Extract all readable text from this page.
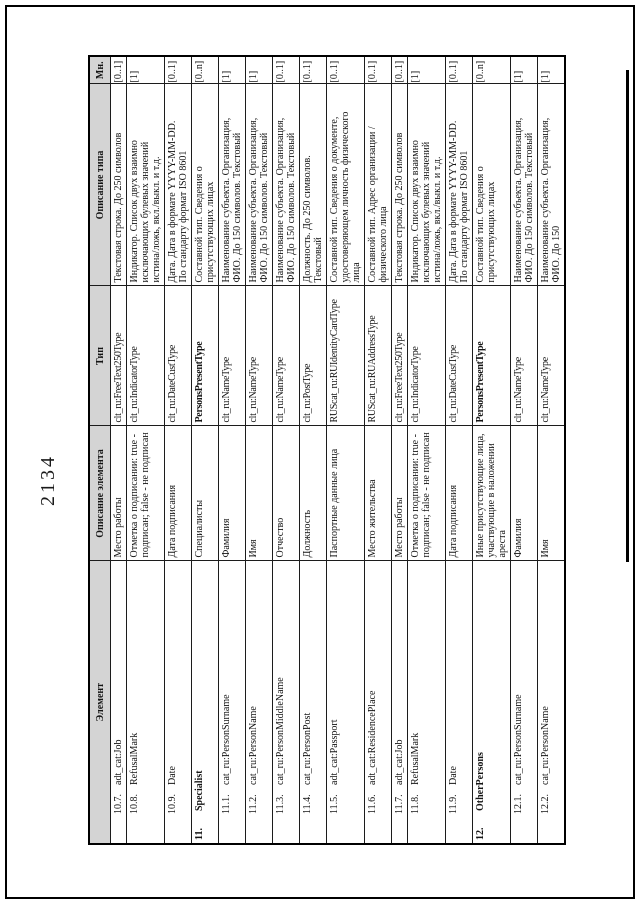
2134
Элемент	Описание элемента	Тип	Описание типа	Мн.
10.7.adt_cat:Job	Место работы	clt_ru:FreeText250Type	Текстовая строка. До 250 символов	[0..1]
10.8.RefusalMark	Отметка о подписании: true - подписан; false - не подписан	clt_ru:IndicatorType	Индикатор. Список двух взаимно исключающих булевых значений истина/ложь, вкл./выкл. и т.д.	[1]
10.9.Date	Дата подписания	clt_ru:DateCustType	Дата. Дата в формате YYYY-MM-DD. По стандарту формат ISO 8601	[0..1]
11.Specialist	Специалисты	PersonsPresentType	Составной тип. Сведения о присутствующих лицах	[0..n]
11.1.cat_ru:PersonSurname	Фамилия	clt_ru:NameType	Наименование субъекта. Организация, ФИО. До 150 символов. Текстовый	[1]
11.2.cat_ru:PersonName	Имя	clt_ru:NameType	Наименование субъекта. Организация, ФИО. До 150 символов. Текстовый	[1]
11.3.cat_ru:PersonMiddleName	Отчество	clt_ru:NameType	Наименование субъекта. Организация, ФИО. До 150 символов. Текстовый	[0..1]
11.4.cat_ru:PersonPost	Должность	clt_ru:PostType	Должность. До 250 символов. Текстовый	[0..1]
11.5.adt_cat:Passport	Паспортные данные лица	RUScat_ru:RUIdentityCardType	Составной тип. Сведения о документе, удостоверяющем личность физического лица	[0..1]
11.6.adt_cat:ResidencePlace	Место жительства	RUScat_ru:RUAddressType	Составной тип. Адрес организации / физического лица	[0..1]
11.7.adt_cat:Job	Место работы	clt_ru:FreeText250Type	Текстовая строка. До 250 символов	[0..1]
11.8.RefusalMark	Отметка о подписании: true - подписан; false - не подписан	clt_ru:IndicatorType	Индикатор. Список двух взаимно исключающих булевых значений истина/ложь, вкл./выкл. и т.д.	[1]
11.9.Date	Дата подписания	clt_ru:DateCustType	Дата. Дата в формате YYYY-MM-DD. По стандарту формат ISO 8601	[0..1]
12.OtherPersons	Иные присутствующие лица, участвующие в наложении ареста	PersonsPresentType	Составной тип. Сведения о присутствующих лицах	[0..n]
12.1.cat_ru:PersonSurname	Фамилия	clt_ru:NameType	Наименование субъекта. Организация, ФИО. До 150 символов. Текстовый	[1]
12.2.cat_ru:PersonName	Имя	clt_ru:NameType	Наименование субъекта. Организация, ФИО. До 150	[1]
